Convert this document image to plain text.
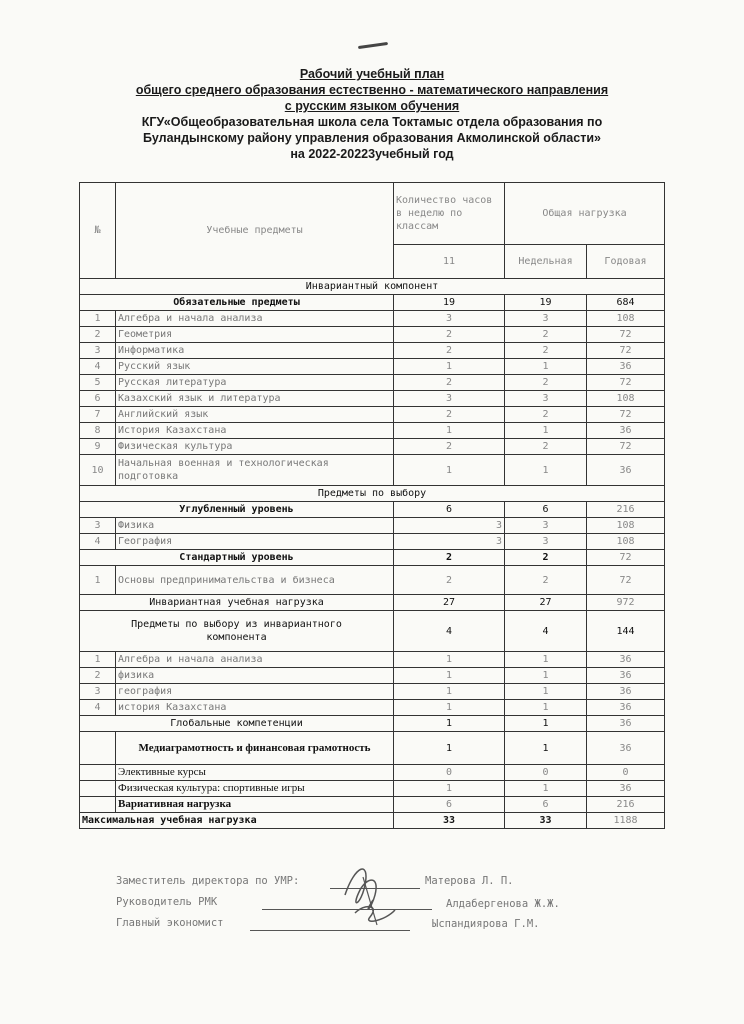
Рабочий учебный план
общего среднего образования естественно - математического направления
с русским языком обучения
КГУ«Общеобразовательная школа села Токтамыс отдела образования по
Буландынскому району управления образования Акмолинской области»
на 2022-20223учебный год
№	Учебные предметы	Количество часов в неделю по классам	Общая нагрузка	
		11	Недельная	Годовая
Инвариантный компонент				
Обязательные предметы		19	19	684
1	Алгебра и начала анализа	3	3	108
2	Геометрия	2	2	72
3	Информатика	2	2	72
4	Русский язык	1	1	36
5	Русская литература	2	2	72
6	Казахский язык и литература	3	3	108
7	Английский язык	2	2	72
8	История Казахстана	1	1	36
9	Физическая культура	2	2	72
10	Начальная военная и технологическая подготовка	1	1	36
Предметы по выбору				
Углубленный уровень		6	6	216
3	Физика	3	3	108
4	География	3	3	108
Стандартный уровень		2	2	72
1	Основы предпринимательства и бизнеса	2	2	72
Инвариантная учебная нагрузка		27	27	972
Предметы по выбору из инвариантного компонента		4	4	144
1	Алгебра и начала анализа	1	1	36
2	физика	1	1	36
3	география	1	1	36
4	история Казахстана	1	1	36
Глобальные компетенции		1	1	36
	Медиаграмотность и финансовая грамотность	1	1	36
	Элективные курсы	0	0	0
	Физическая культура: спортивные игры	1	1	36
	Вариативная нагрузка	6	6	216
Максимальная учебная нагрузка		33	33	1188
Заместитель директора по УМР:	Матерова Л. П.
Руководитель РМК	Алдабергенова Ж.Ж.
Главный экономист	Ыспандиярова Г.М.
